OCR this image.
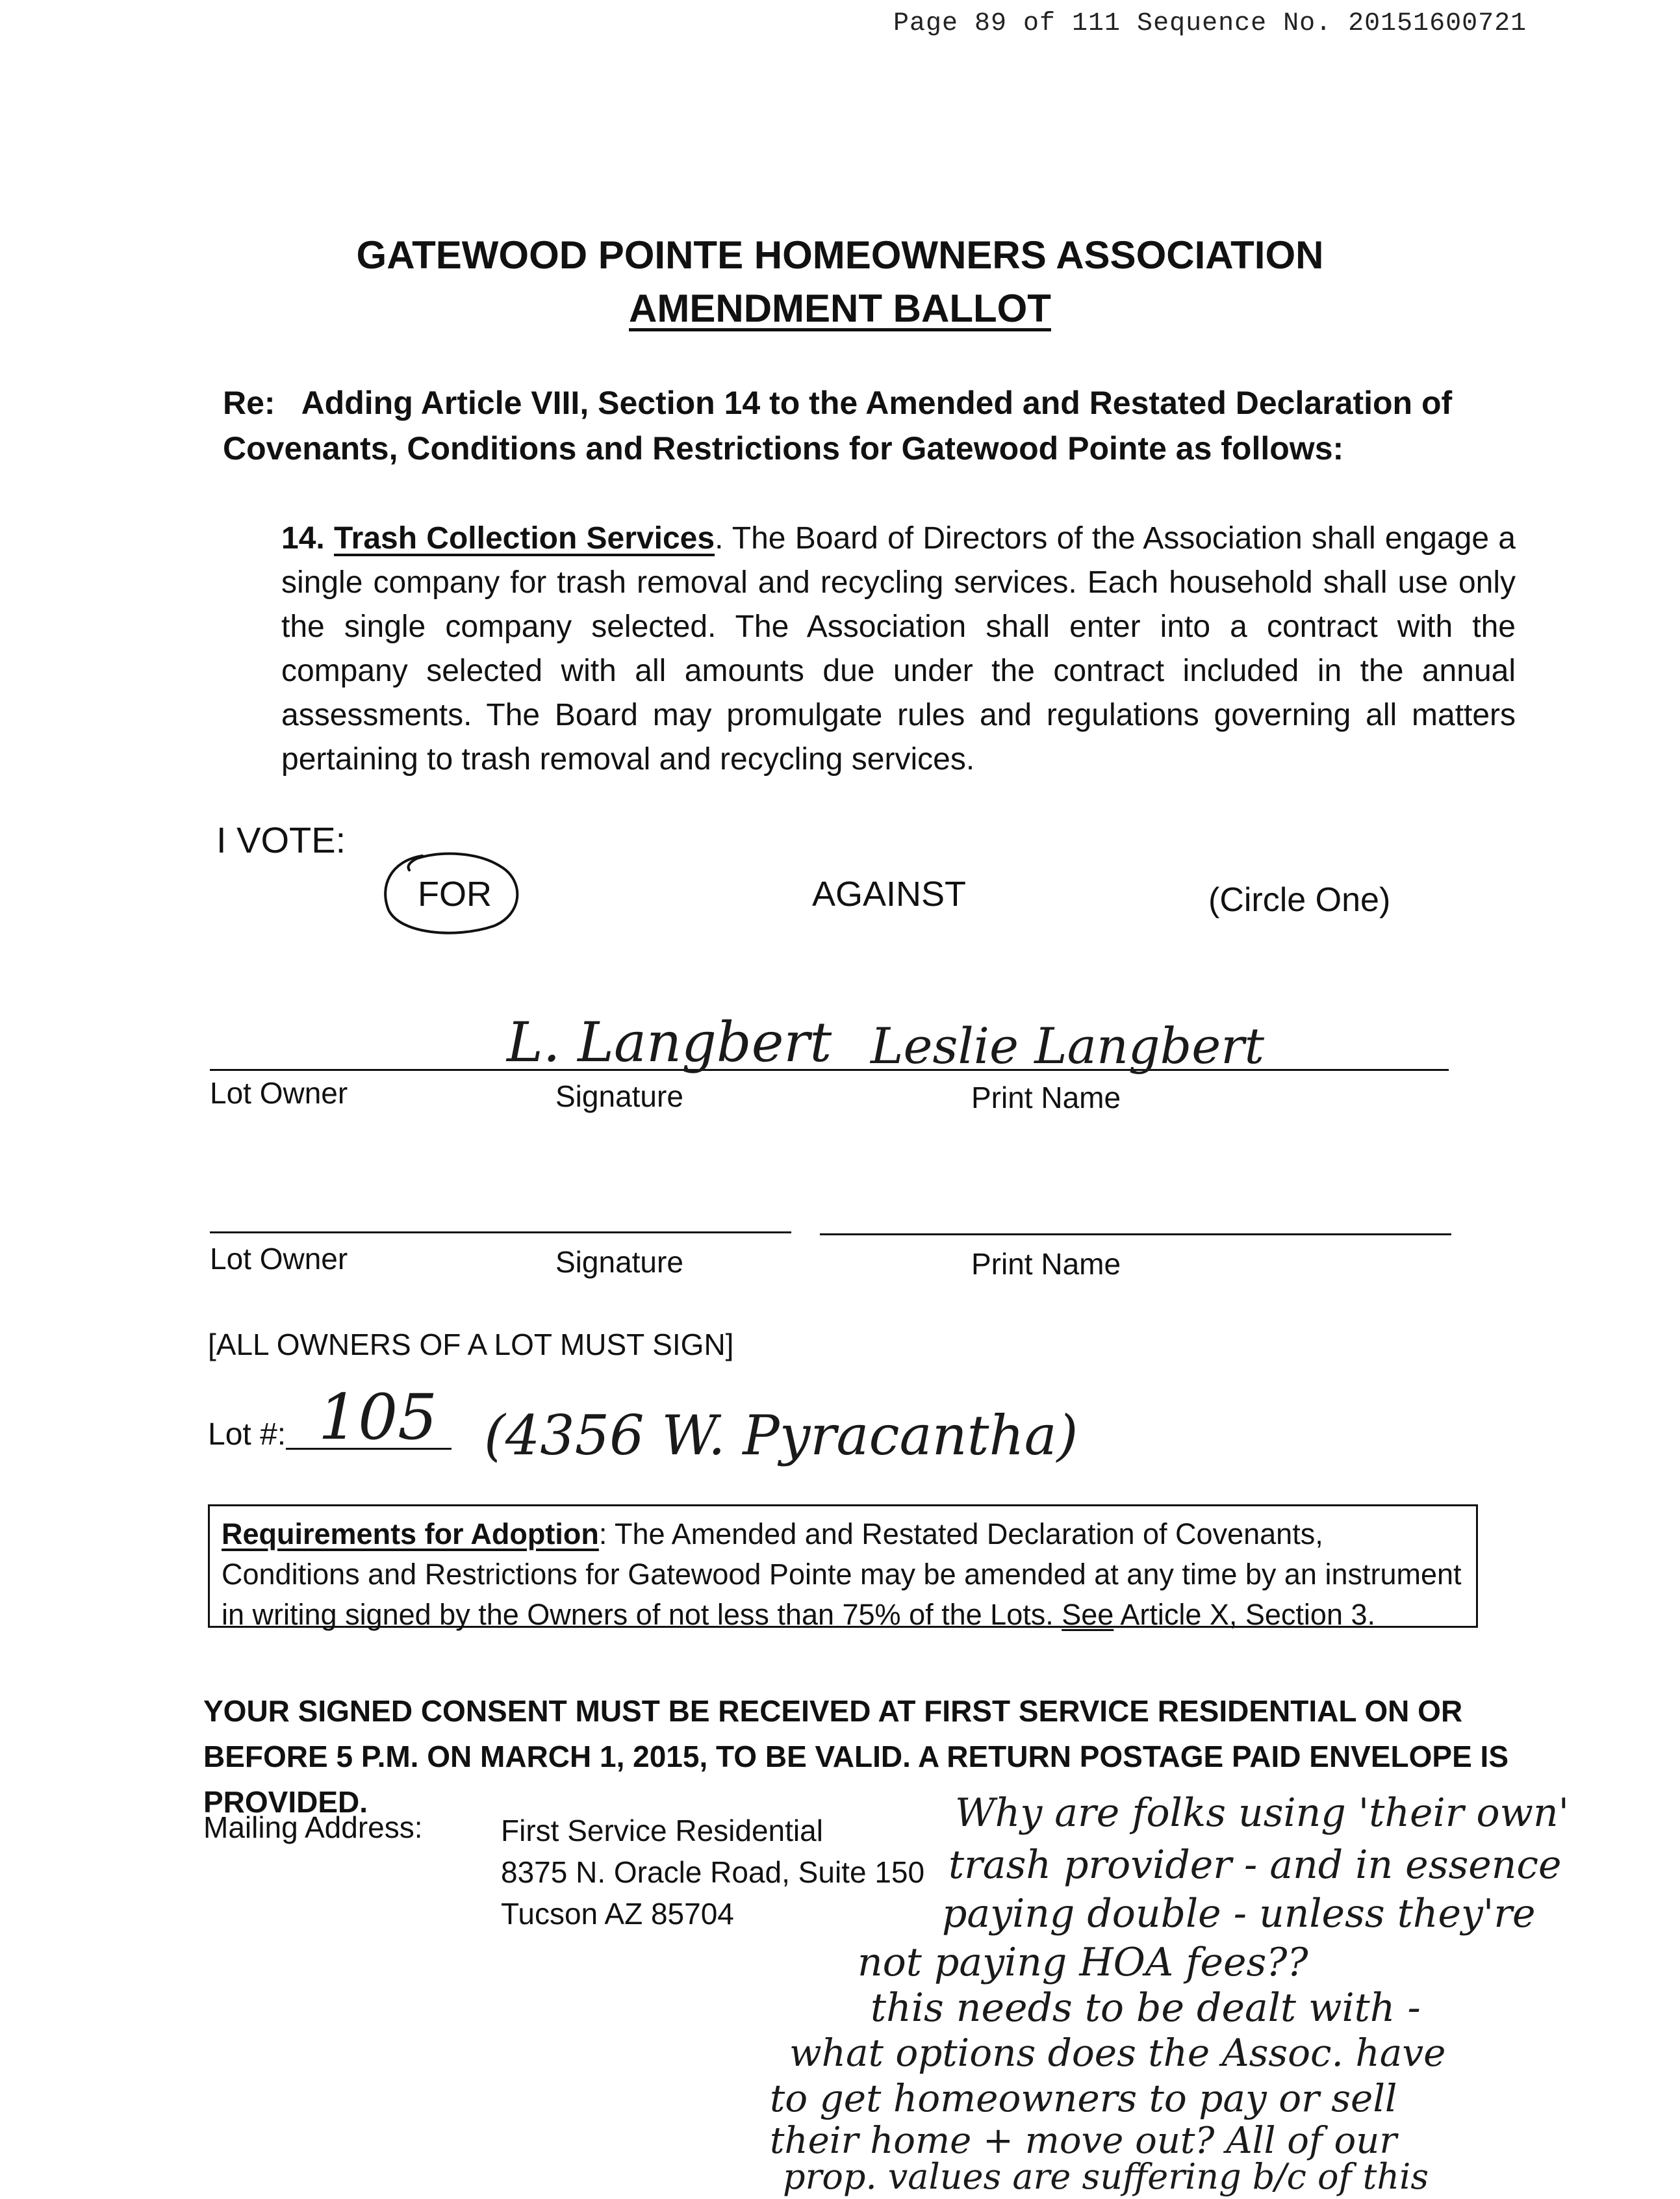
Page 89 of 111 Sequence No. 20151600721
GATEWOOD POINTE HOMEOWNERS ASSOCIATION
AMENDMENT BALLOT
Re: Adding Article VIII, Section 14 to the Amended and Restated Declaration of Covenants, Conditions and Restrictions for Gatewood Pointe as follows:
14. Trash Collection Services. The Board of Directors of the Association shall engage a single company for trash removal and recycling services. Each household shall use only the single company selected. The Association shall enter into a contract with the company selected with all amounts due under the contract included in the annual assessments. The Board may promulgate rules and regulations governing all matters pertaining to trash removal and recycling services.
I VOTE:
FOR	AGAINST	(Circle One)
L. Langbert Leslie Langbert
Lot Owner	Signature	Print Name
Lot Owner	Signature	Print Name
[ALL OWNERS OF A LOT MUST SIGN]
Lot #: 105 (4356 W. Pyracantha)
Requirements for Adoption: The Amended and Restated Declaration of Covenants, Conditions and Restrictions for Gatewood Pointe may be amended at any time by an instrument in writing signed by the Owners of not less than 75% of the Lots. See Article X, Section 3.
YOUR SIGNED CONSENT MUST BE RECEIVED AT FIRST SERVICE RESIDENTIAL ON OR BEFORE 5 P.M. ON MARCH 1, 2015, TO BE VALID. A RETURN POSTAGE PAID ENVELOPE IS PROVIDED.
Mailing Address:	First Service Residential
8375 N. Oracle Road, Suite 150
Tucson AZ 85704
Why are folks using 'their own'
trash provider - and in essence
paying double - unless they're
not paying HOA fees??
this needs to be dealt with -
what options does the Assoc. have
to get homeowners to pay or sell
their home + move out? All of our
prop. values are suffering b/c of this
